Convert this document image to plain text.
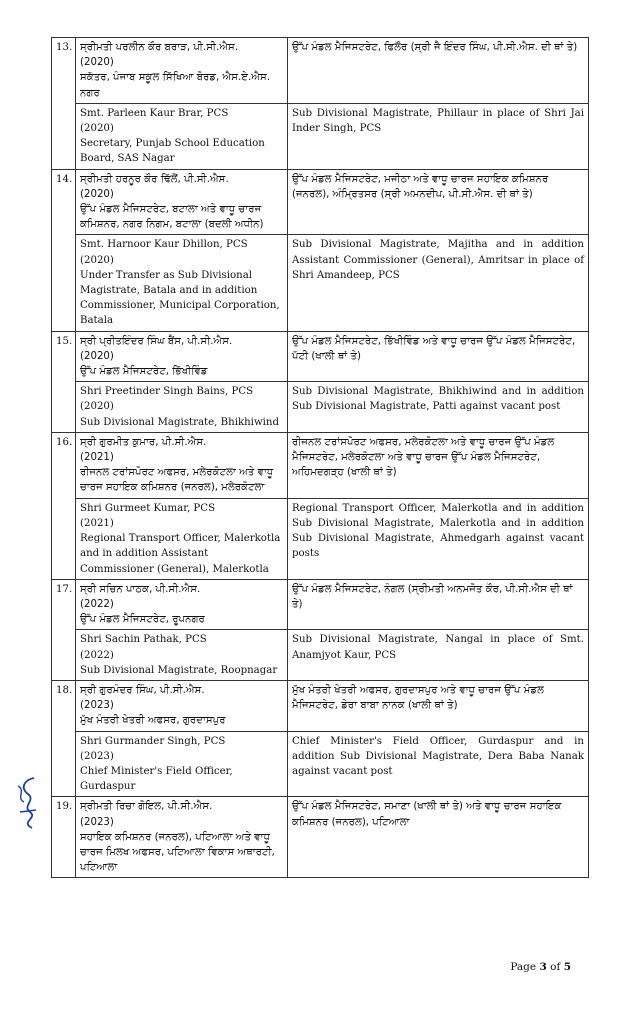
13.	ਸ੍ਰੀਮਤੀ ਪਰਲੀਨ ਕੌਰ ਬਰਾੜ, ਪੀ.ਸੀ.ਐਸ.
(2020)
ਸਕੱਤਰ, ਪੰਜਾਬ ਸਕੂਲ ਸਿੱਖਿਆ ਬੋਰਡ, ਐਸ.ਏ.ਐਸ. ਨਗਰ	ਉੱਪ ਮੰਡਲ ਮੈਜਿਸਟਰੇਟ, ਫਿਲੌਰ (ਸ੍ਰੀ ਜੈ ਇੰਦਰ ਸਿੰਘ, ਪੀ.ਸੀ.ਐਸ. ਦੀ ਥਾਂ ਤੇ)

	Smt. Parleen Kaur Brar, PCS
(2020)
Secretary, Punjab School Education Board, SAS Nagar	Sub Divisional Magistrate, Phillaur in place of Shri Jai Inder Singh, PCS
14.	ਸ੍ਰੀਮਤੀ ਹਰਨੂਰ ਕੌਰ ਢਿੱਲੋਂ, ਪੀ.ਸੀ.ਐਸ.
(2020)
ਉੱਪ ਮੰਡਲ ਮੈਜਿਸਟਰੇਟ, ਬਟਾਲਾ ਅਤੇ ਵਾਧੂ ਚਾਰਜ ਕਮਿਸ਼ਨਰ, ਨਗਰ ਨਿਗਮ, ਬਟਾਲਾ (ਬਦਲੀ ਅਧੀਨ)	ਉੱਪ ਮੰਡਲ ਮੈਜਿਸਟਰੇਟ, ਮਜੀਠਾ ਅਤੇ ਵਾਧੂ ਚਾਰਜ ਸਹਾਇਕ ਕਮਿਸ਼ਨਰ (ਜਨਰਲ), ਅੰਮ੍ਰਿਤਸਰ (ਸ੍ਰੀ ਅਮਨਦੀਪ, ਪੀ.ਸੀ.ਐਸ. ਦੀ ਥਾਂ ਤੇ)

	Smt. Harnoor Kaur Dhillon, PCS
(2020)
Under Transfer as Sub Divisional Magistrate, Batala and in addition Commissioner, Municipal Corporation, Batala	Sub Divisional Magistrate, Majitha and in addition Assistant Commissioner (General), Amritsar in place of Shri Amandeep, PCS
15.	ਸ੍ਰੀ ਪ੍ਰੀਤਇੰਦਰ ਸਿੰਘ ਬੈਂਸ, ਪੀ.ਸੀ.ਐਸ.
(2020)
ਉੱਪ ਮੰਡਲ ਮੈਜਿਸਟਰੇਟ, ਭਿੱਖੀਵਿੰਡ	ਉੱਪ ਮੰਡਲ ਮੈਜਿਸਟਰੇਟ, ਭਿੱਖੀਵਿੰਡ ਅਤੇ ਵਾਧੂ ਚਾਰਜ ਉੱਪ ਮੰਡਲ ਮੈਜਿਸਟਰੇਟ, ਪੱਟੀ (ਖਾਲੀ ਥਾਂ ਤੇ)

	Shri Preetinder Singh Bains, PCS
(2020)
Sub Divisional Magistrate, Bhikhiwind	Sub Divisional Magistrate, Bhikhiwind and in addition Sub Divisional Magistrate, Patti against vacant post
16.	ਸ੍ਰੀ ਗੁਰਮੀਤ ਕੁਮਾਰ, ਪੀ.ਸੀ.ਐਸ.
(2021)
ਰੀਜਨਲ ਟਰਾਂਸਪੋਰਟ ਅਫਸਰ, ਮਲੇਰਕੋਟਲਾ ਅਤੇ ਵਾਧੂ ਚਾਰਜ ਸਹਾਇਕ ਕਮਿਸ਼ਨਰ (ਜਨਰਲ), ਮਲੇਰਕੋਟਲਾ	ਰੀਜਨਲ ਟਰਾਂਸਪੋਰਟ ਅਫਸਰ, ਮਲੇਰਕੋਟਲਾ ਅਤੇ ਵਾਧੂ ਚਾਰਜ ਉੱਪ ਮੰਡਲ ਮੈਜਿਸਟਰੇਟ, ਮਲੇਰਕੋਟਲਾ ਅਤੇ ਵਾਧੂ ਚਾਰਜ ਉੱਪ ਮੰਡਲ ਮੈਜਿਸਟਰੇਟ, ਅਹਿਮਦਗੜ੍ਹ (ਖਾਲੀ ਥਾਂ ਤੇ)

	Shri Gurmeet Kumar, PCS
(2021)
Regional Transport Officer, Malerkotla and in addition Assistant Commissioner (General), Malerkotla	Regional Transport Officer, Malerkotla and in addition Sub Divisional Magistrate, Malerkotla and in addition Sub Divisional Magistrate, Ahmedgarh against vacant posts
17.	ਸ੍ਰੀ ਸਚਿਨ ਪਾਠਕ, ਪੀ.ਸੀ.ਐਸ.
(2022)
ਉੱਪ ਮੰਡਲ ਮੈਜਿਸਟਰੇਟ, ਰੂਪਨਗਰ	ਉੱਪ ਮੰਡਲ ਮੈਜਿਸਟਰੇਟ, ਨੰਗਲ (ਸ੍ਰੀਮਤੀ ਅਨਮਜੋਤ ਕੌਰ, ਪੀ.ਸੀ.ਐਸ ਦੀ ਥਾਂ ਤੇ)

	Shri Sachin Pathak, PCS
(2022)
Sub Divisional Magistrate, Roopnagar	Sub Divisional Magistrate, Nangal in place of Smt. Anamjyot Kaur, PCS
18.	ਸ੍ਰੀ ਗੁਰਮੰਦਰ ਸਿੰਘ, ਪੀ.ਸੀ.ਐਸ.
(2023)
ਮੁੱਖ ਮੰਤਰੀ ਖੇਤਰੀ ਅਫਸਰ, ਗੁਰਦਾਸਪੁਰ	ਮੁੱਖ ਮੰਤਰੀ ਖੇਤਰੀ ਅਫਸਰ, ਗੁਰਦਾਸਪੁਰ ਅਤੇ ਵਾਧੂ ਚਾਰਜ ਉੱਪ ਮੰਡਲ ਮੈਜਿਸਟਰੇਟ, ਡੇਰਾ ਬਾਬਾ ਨਾਨਕ (ਖਾਲੀ ਥਾਂ ਤੇ)

	Shri Gurmander Singh, PCS
(2023)
Chief Minister's Field Officer, Gurdaspur	Chief Minister's Field Officer, Gurdaspur and in addition Sub Divisional Magistrate, Dera Baba Nanak against vacant post
19.	ਸ੍ਰੀਮਤੀ ਰਿਚਾ ਗੋਇਲ, ਪੀ.ਸੀ.ਐਸ.
(2023)
ਸਹਾਇਕ ਕਮਿਸ਼ਨਰ (ਜਨਰਲ), ਪਟਿਆਲਾ ਅਤੇ ਵਾਧੂ ਚਾਰਜ ਮਿਲਖ ਅਫਸਰ, ਪਟਿਆਲਾ ਵਿਕਾਸ ਅਥਾਰਟੀ, ਪਟਿਆਲਾ	ਉੱਪ ਮੰਡਲ ਮੈਜਿਸਟਰੇਟ, ਸਮਾਣਾ (ਖਾਲੀ ਥਾਂ ਤੇ) ਅਤੇ ਵਾਧੂ ਚਾਰਜ ਸਹਾਇਕ ਕਮਿਸ਼ਨਰ (ਜਨਰਲ), ਪਟਿਆਲਾ
Page 3 of 5
